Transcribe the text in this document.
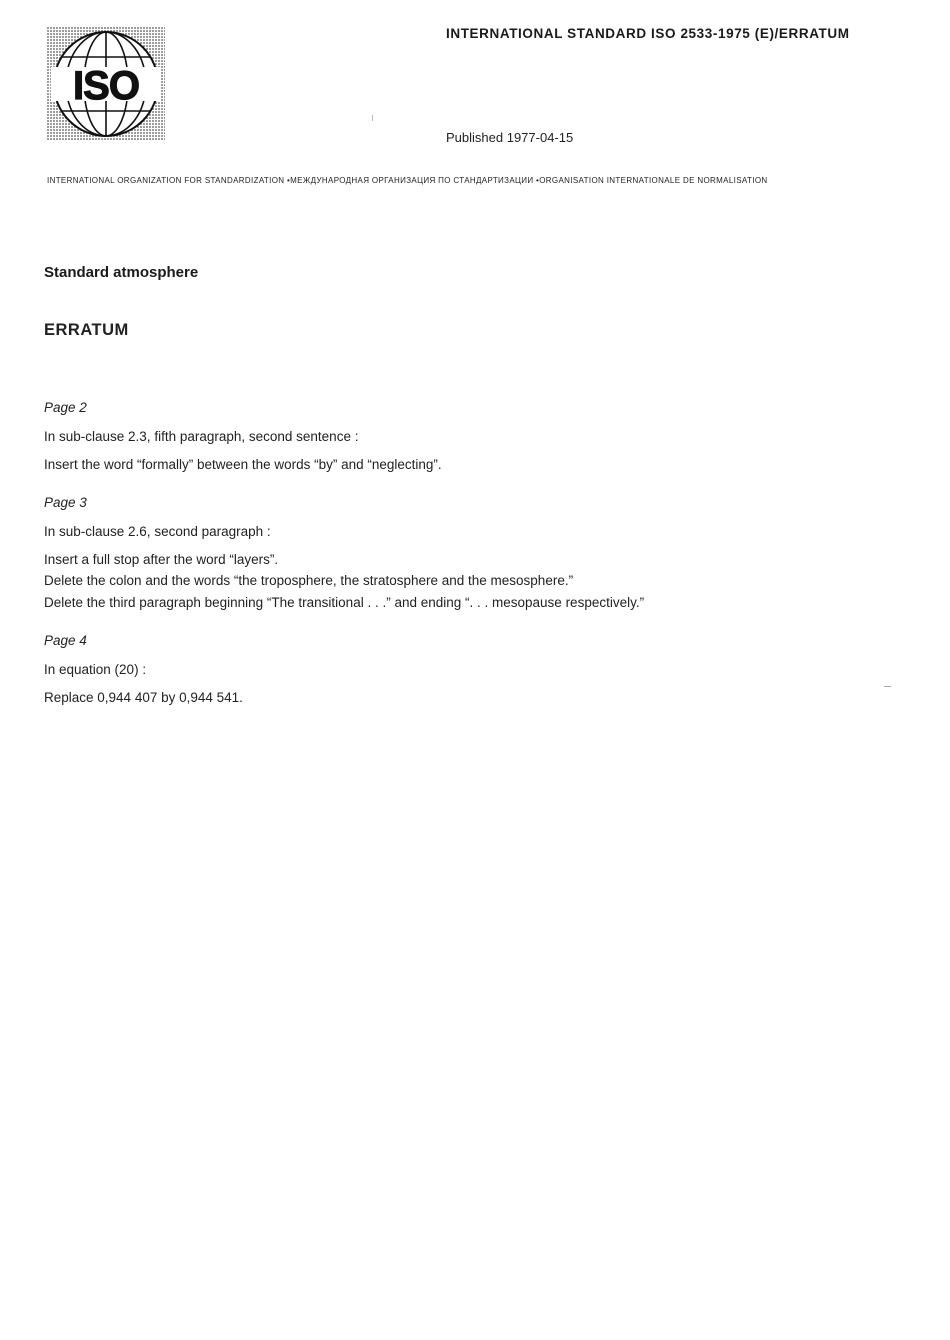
ISO
INTERNATIONAL STANDARD ISO 2533-1975 (E)/ERRATUM
Published 1977-04-15
INTERNATIONAL ORGANIZATION FOR STANDARDIZATION •МЕЖДУНАРОДНАЯ ОРГАНИЗАЦИЯ ПО СТАНДАРТИЗАЦИИ •ORGANISATION INTERNATIONALE DE NORMALISATION
Standard atmosphere
ERRATUM
Page 2
In sub-clause 2.3, fifth paragraph, second sentence :
Insert the word “formally” between the words “by” and “neglecting”.
Page 3
In sub-clause 2.6, second paragraph :
Insert a full stop after the word “layers”.
Delete the colon and the words “the troposphere, the stratosphere and the mesosphere.”
Delete the third paragraph beginning “The transitional . . .” and ending “. . . mesopause respectively.”
Page 4
In equation (20) :
Replace 0,944 407 by 0,944 541.
